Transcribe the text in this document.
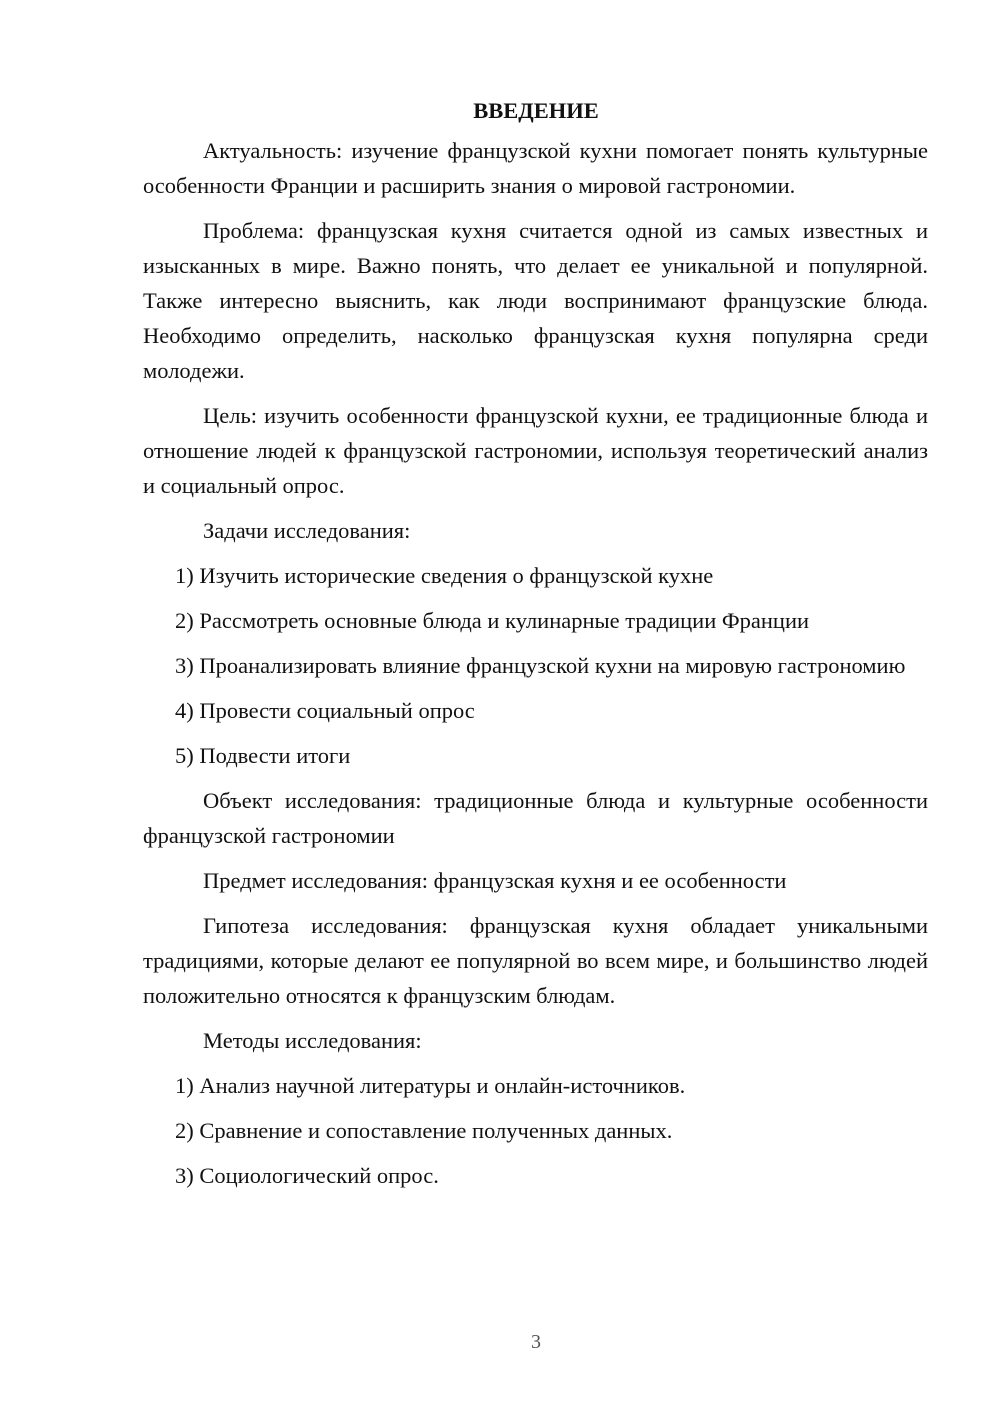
ВВЕДЕНИЕ
Актуальность: изучение французской кухни помогает понять культурные особенности Франции и расширить знания о мировой гастрономии.
Проблема: французская кухня считается одной из самых известных и изысканных в мире. Важно понять, что делает ее уникальной и популярной. Также интересно выяснить, как люди воспринимают французские блюда. Необходимо определить, насколько французская кухня популярна среди молодежи.
Цель: изучить особенности французской кухни, ее традиционные блюда и отношение людей к французской гастрономии, используя теоретический анализ и социальный опрос.
Задачи исследования:
1) Изучить исторические сведения о французской кухне
2) Рассмотреть основные блюда и кулинарные традиции Франции
3) Проанализировать влияние французской кухни на мировую гастрономию
4) Провести социальный опрос
5) Подвести итоги
Объект исследования: традиционные блюда и культурные особенности французской гастрономии
Предмет исследования: французская кухня и ее особенности
Гипотеза исследования: французская кухня обладает уникальными традициями, которые делают ее популярной во всем мире, и большинство людей положительно относятся к французским блюдам.
Методы исследования:
1) Анализ научной литературы и онлайн-источников.
2) Сравнение и сопоставление полученных данных.
3) Социологический опрос.
3
